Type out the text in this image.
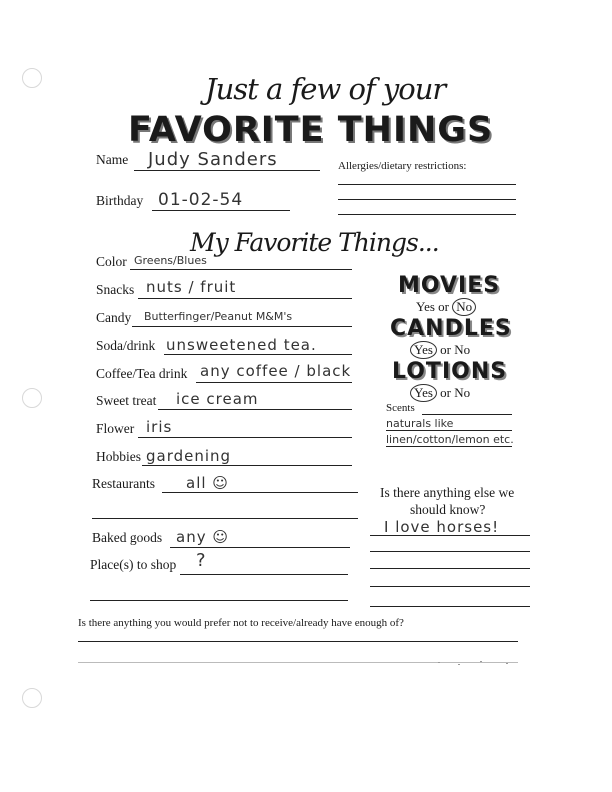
Just a few of your
FAVORITE THINGS
Name Judy Sanders	Allergies/dietary restrictions:
Birthday 01-02-54
My Favorite Things...
Color Greens/Blues
Snacks nuts / fruit
Candy Butterfinger/Peanut M&M's
Soda/drink unsweetened tea.
Coffee/Tea drink any coffee / black
Sweet treat ice cream
Flower iris
Hobbies gardening
Restaurants all ☺
Baked goods any ☺
Place(s) to shop ?
MOVIES
Yes or No
CANDLES
Yes or No
LOTIONS
Yes or No
Scents
naturals like
linen/cotton/lemon etc.
Is there anything else we
should know?
I love horses!
Is there anything you would prefer not to receive/already have enough of?
